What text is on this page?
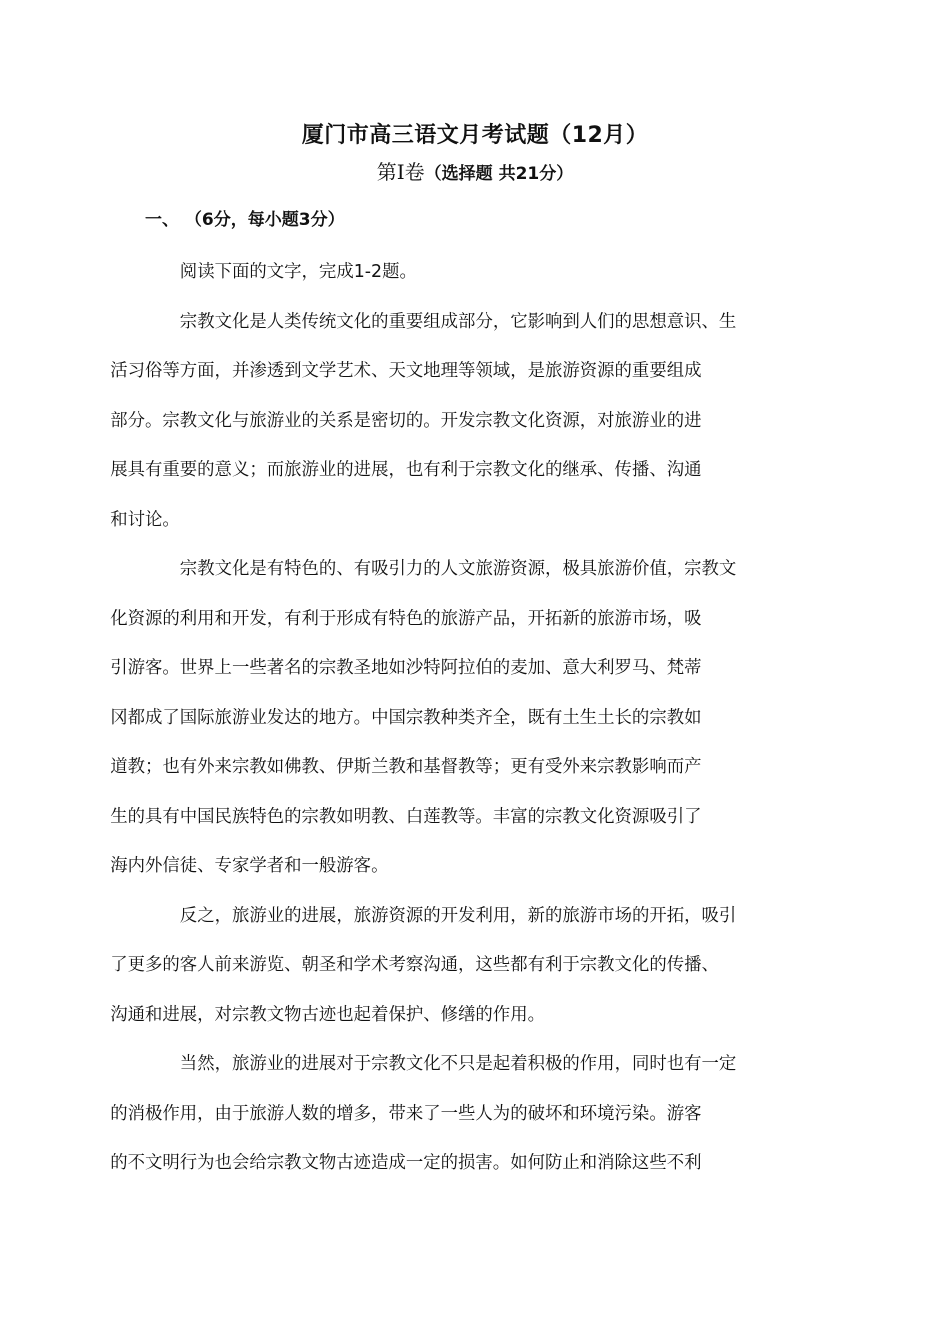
厦门市高三语文月考试题（12月）
第Ⅰ卷（选择题 共21分）
一、 （6分，每小题3分）

阅读下面的文字，完成1-2题。

宗教文化是人类传统文化的重要组成部分，它影响到人们的思想意识、生
活习俗等方面，并渗透到文学艺术、天文地理等领域，是旅游资源的重要组成
部分。宗教文化与旅游业的关系是密切的。开发宗教文化资源，对旅游业的进
展具有重要的意义；而旅游业的进展，也有利于宗教文化的继承、传播、沟通
和讨论。

宗教文化是有特色的、有吸引力的人文旅游资源，极具旅游价值，宗教文
化资源的利用和开发，有利于形成有特色的旅游产品，开拓新的旅游市场，吸
引游客。世界上一些著名的宗教圣地如沙特阿拉伯的麦加、意大利罗马、梵蒂
冈都成了国际旅游业发达的地方。中国宗教种类齐全，既有土生土长的宗教如
道教；也有外来宗教如佛教、伊斯兰教和基督教等；更有受外来宗教影响而产
生的具有中国民族特色的宗教如明教、白莲教等。丰富的宗教文化资源吸引了
海内外信徒、专家学者和一般游客。

反之，旅游业的进展，旅游资源的开发利用，新的旅游市场的开拓，吸引
了更多的客人前来游览、朝圣和学术考察沟通，这些都有利于宗教文化的传播、
沟通和进展，对宗教文物古迹也起着保护、修缮的作用。

当然，旅游业的进展对于宗教文化不只是起着积极的作用，同时也有一定
的消极作用，由于旅游人数的增多，带来了一些人为的破坏和环境污染。游客
的不文明行为也会给宗教文物古迹造成一定的损害。如何防止和消除这些不利
